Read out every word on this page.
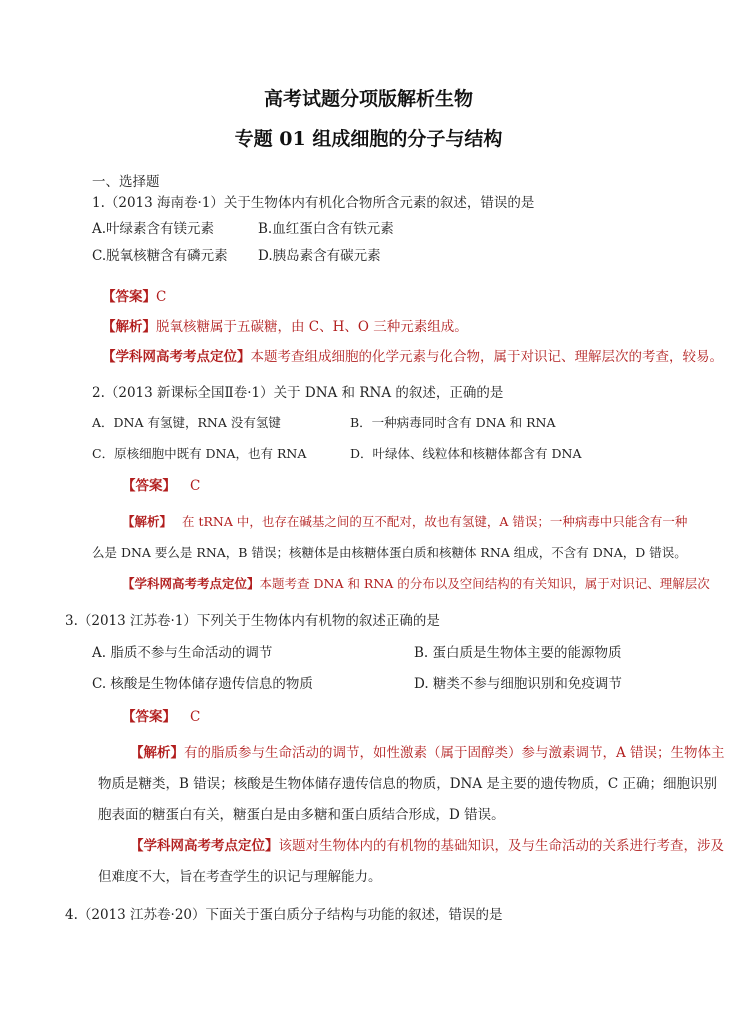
高考试题分项版解析生物
专题 01 组成细胞的分子与结构
一、选择题
1.（2013 海南卷·1）关于生物体内有机化合物所含元素的叙述，错误的是
A.叶绿素含有镁元素	B.血红蛋白含有铁元素
C.脱氧核糖含有磷元素 D.胰岛素含有碳元素
【答案】C
【解析】脱氧核糖属于五碳糖，由 C、H、O 三种元素组成。
【学科网高考考点定位】本题考查组成细胞的化学元素与化合物，属于对识记、理解层次的考查，较易。
2.（2013 新课标全国Ⅱ卷·1）关于 DNA 和 RNA 的叙述，正确的是
A．DNA 有氢键，RNA 没有氢键	B．一种病毒同时含有 DNA 和 RNA
C．原核细胞中既有 DNA，也有 RNA	D．叶绿体、线粒体和核糖体都含有 DNA
【答案】 C
【解析】 在 tRNA 中，也存在碱基之间的互不配对，故也有氢键，A 错误；一种病毒中只能含有一种
么是 DNA 要么是 RNA，B 错误；核糖体是由核糖体蛋白质和核糖体 RNA 组成，不含有 DNA，D 错误。
【学科网高考考点定位】本题考查 DNA 和 RNA 的分布以及空间结构的有关知识，属于对识记、理解层次
3.（2013 江苏卷·1）下列关于生物体内有机物的叙述正确的是
A. 脂质不参与生命活动的调节	B. 蛋白质是生物体主要的能源物质
C. 核酸是生物体储存遗传信息的物质	D. 糖类不参与细胞识别和免疫调节
【答案】 C
【解析】有的脂质参与生命活动的调节，如性激素（属于固醇类）参与激素调节，A 错误；生物体主
物质是糖类，B 错误；核酸是生物体储存遗传信息的物质，DNA 是主要的遗传物质，C 正确；细胞识别
胞表面的糖蛋白有关，糖蛋白是由多糖和蛋白质结合形成，D 错误。
【学科网高考考点定位】该题对生物体内的有机物的基础知识，及与生命活动的关系进行考查，涉及
但难度不大，旨在考查学生的识记与理解能力。
4.（2013 江苏卷·20）下面关于蛋白质分子结构与功能的叙述，错误的是
